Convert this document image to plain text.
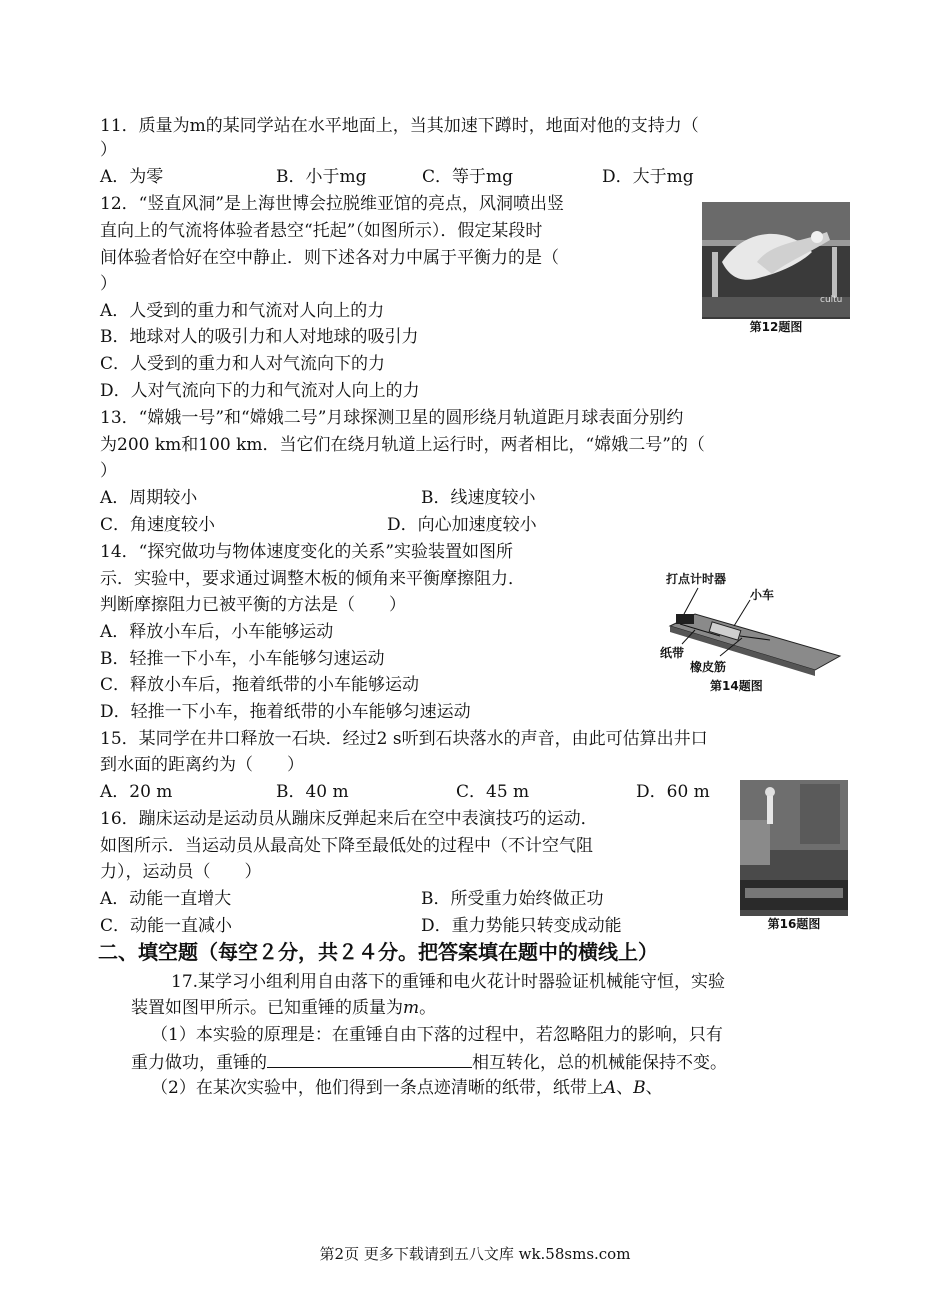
11．质量为m的某同学站在水平地面上，当其加速下蹲时，地面对他的支持力（
）
A．为零	B．小于mg	C．等于mg	D．大于mg
12．“竖直风洞”是上海世博会拉脱维亚馆的亮点，风洞喷出竖
直向上的气流将体验者悬空“托起”（如图所示）．假定某段时
间体验者恰好在空中静止．则下述各对力中属于平衡力的是（
）
A．人受到的重力和气流对人向上的力
B．地球对人的吸引力和人对地球的吸引力
C．人受到的重力和人对气流向下的力
D．人对气流向下的力和气流对人向上的力
cultu
第12题图
13．“嫦娥一号”和“嫦娥二号”月球探测卫星的圆形绕月轨道距月球表面分别约
为200 km和100 km．当它们在绕月轨道上运行时，两者相比，“嫦娥二号”的（
）
A．周期较小	B．线速度较小
C．角速度较小	D．向心加速度较小
14．“探究做功与物体速度变化的关系”实验装置如图所
示．实验中，要求通过调整木板的倾角来平衡摩擦阻力．
判断摩擦阻力已被平衡的方法是（　　）
A．释放小车后，小车能够运动
B．轻推一下小车，小车能够匀速运动
C．释放小车后，拖着纸带的小车能够运动
D．轻推一下小车，拖着纸带的小车能够匀速运动
打点计时器
小车
纸带
橡皮筋
第14题图
15．某同学在井口释放一石块．经过2 s听到石块落水的声音，由此可估算出井口
到水面的距离约为（　　）
A．20 m	B．40 m	C．45 m	D．60 m
16．蹦床运动是运动员从蹦床反弹起来后在空中表演技巧的运动．
如图所示．当运动员从最高处下降至最低处的过程中（不计空气阻
力），运动员（　　）
A．动能一直增大	B．所受重力始终做正功
C．动能一直减小	D．重力势能只转变成动能	第16题图
二、填空题（每空２分，共２４分。把答案填在题中的横线上）
17.某学习小组利用自由落下的重锤和电火花计时器验证机械能守恒，实验
装置如图甲所示。已知重锤的质量为m。
（1）本实验的原理是：在重锤自由下落的过程中，若忽略阻力的影响，只有
重力做功，重锤的	相互转化，总的机械能保持不变。
（2）在某次实验中，他们得到一条点迹清晰的纸带，纸带上A、B、
第2页 更多下载请到五八文库 wk.58sms.com
